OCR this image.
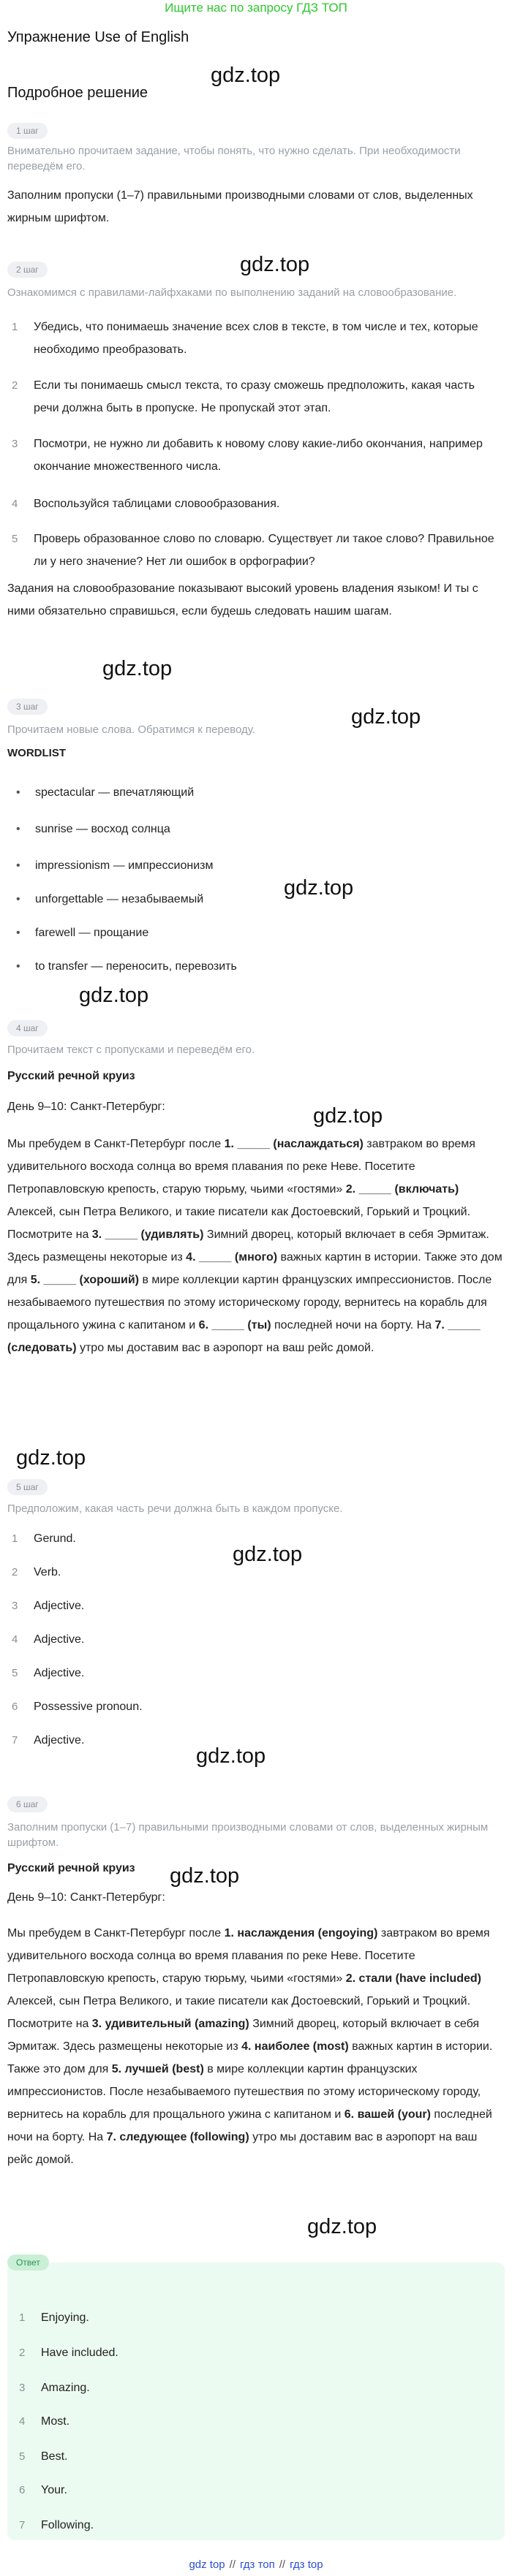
Ищите нас по запросу ГДЗ ТОП
Упражнение Use of English
Подробное решение
gdz.top
gdz.top
gdz.top
gdz.top
gdz.top
gdz.top
gdz.top
gdz.top
gdz.top
gdz.top
gdz.top
gdz.top
1 шаг

Внимательно прочитаем задание, чтобы понять, что нужно сделать. При необходимости переведём его.

Заполним пропуски (1–7) правильными производными словами от слов, выделенных жирным шрифтом.

2 шаг

Ознакомимся с правилами-лайфхаками по выполнению заданий на словообразование.

1 Убедись, что понимаешь значение всех слов в тексте, в том числе и тех, которые необходимо преобразовать.
2 Если ты понимаешь смысл текста, то сразу сможешь предположить, какая часть речи должна быть в пропуске. Не пропускай этот этап.
3 Посмотри, не нужно ли добавить к новому слову какие-либо окончания, например окончание множественного числа.
4 Воспользуйся таблицами словообразования.
5 Проверь образованное слово по словарю. Существует ли такое слово? Правильное ли у него значение? Нет ли ошибок в орфографии?

Задания на словообразование показывают высокий уровень владения языком! И ты с ними обязательно справишься, если будешь следовать нашим шагам.

3 шаг

Прочитаем новые слова. Обратимся к переводу.

WORDLIST

• spectacular — впечатляющий
• sunrise — восход солнца
• impressionism — импрессионизм
• unforgettable — незабываемый
• farewell — прощание
• to transfer — переносить, перевозить
4 шаг

Прочитаем текст с пропусками и переведём его.

Русский речной круиз

День 9–10: Санкт-Петербург:

Мы пребудем в Санкт-Петербург после 1. _____ (наслаждаться) завтраком во время удивительного восхода солнца во время плавания по реке Неве. Посетите Петропавловскую крепость, старую тюрьму, чьими «гостями» 2. _____ (включать) Алексей, сын Петра Великого, и такие писатели как Достоевский, Горький и Троцкий. Посмотрите на 3. _____ (удивлять) Зимний дворец, который включает в себя Эрмитаж. Здесь размещены некоторые из 4. _____ (много) важных картин в истории. Также это дом для 5. _____ (хороший) в мире коллекции картин французских импрессионистов. После незабываемого путешествия по этому историческому городу, вернитесь на корабль для прощального ужина с капитаном и 6. _____ (ты) последней ночи на борту. На 7. _____ (следовать) утро мы доставим вас в аэропорт на ваш рейс домой.

5 шаг

Предположим, какая часть речи должна быть в каждом пропуске.

1 Gerund.
2 Verb.
3 Adjective.
4 Adjective.
5 Adjective.
6 Possessive pronoun.
7 Adjective.
6 шаг

Заполним пропуски (1–7) правильными производными словами от слов, выделенных жирным шрифтом.

Русский речной круиз

День 9–10: Санкт-Петербург:

Мы пребудем в Санкт-Петербург после 1. наслаждения (engoying) завтраком во время удивительного восхода солнца во время плавания по реке Неве. Посетите Петропавловскую крепость, старую тюрьму, чьими «гостями» 2. стали (have included) Алексей, сын Петра Великого, и такие писатели как Достоевский, Горький и Троцкий. Посмотрите на 3. удивительный (amazing) Зимний дворец, который включает в себя Эрмитаж. Здесь размещены некоторые из 4. наиболее (most) важных картин в истории. Также это дом для 5. лучшей (best) в мире коллекции картин французских импрессионистов. После незабываемого путешествия по этому историческому городу, вернитесь на корабль для прощального ужина с капитаном и 6. вашей (your) последней ночи на борту. На 7. следующее (following) утро мы доставим вас в аэропорт на ваш рейс домой.

Ответ
1 Enjoying.
2 Have included.
3 Amazing.
4 Most.
5 Best.
6 Your.
7 Following.
gdz top // гдз топ // гдз top
